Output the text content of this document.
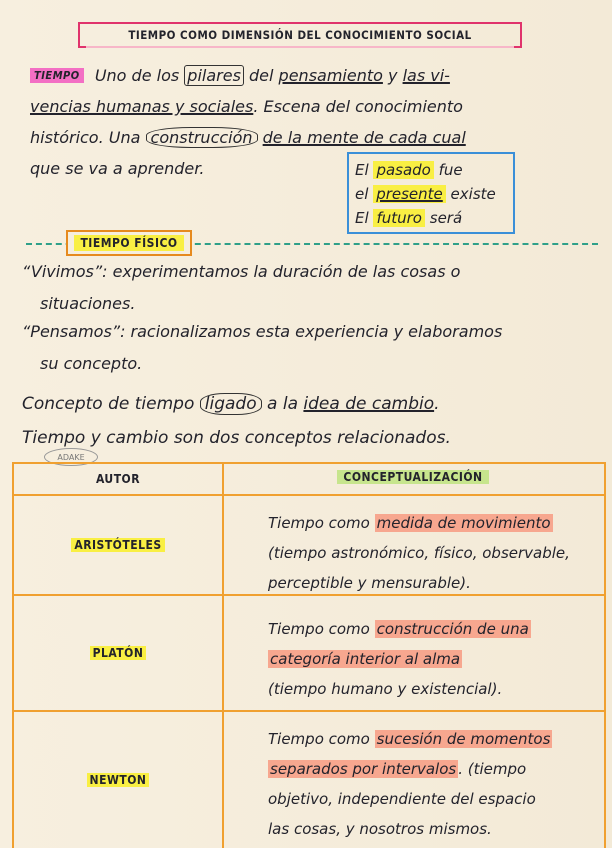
TIEMPO COMO DIMENSIÓN DEL CONOCIMIENTO SOCIAL
TIEMPO Uno de los pilares del pensamiento y las vi-
vencias humanas y sociales. Escena del conocimiento
histórico. Una construcción de la mente de cada cual
que se va a aprender.	El pasado fue
el presente existe
El futuro será
TIEMPO FÍSICO
“Vivimos”: experimentamos la duración de las cosas o
situaciones.
“Pensamos”: racionalizamos esta experiencia y elaboramos
su concepto.
Concepto de tiempo ligado a la idea de cambio.
Tiempo y cambio son dos conceptos relacionados.
ADAKE
AUTOR	CONCEPTUALIZACIÓN
ARISTÓTELES
Tiempo como medida de movimiento
(tiempo astronómico, físico, observable,
perceptible y mensurable).
PLATÓN
Tiempo como construcción de una
categoría interior al alma
(tiempo humano y existencial).
NEWTON
Tiempo como sucesión de momentos
separados por intervalos . (tiempo
objetivo, independiente del espacio
las cosas, y nosotros mismos.
